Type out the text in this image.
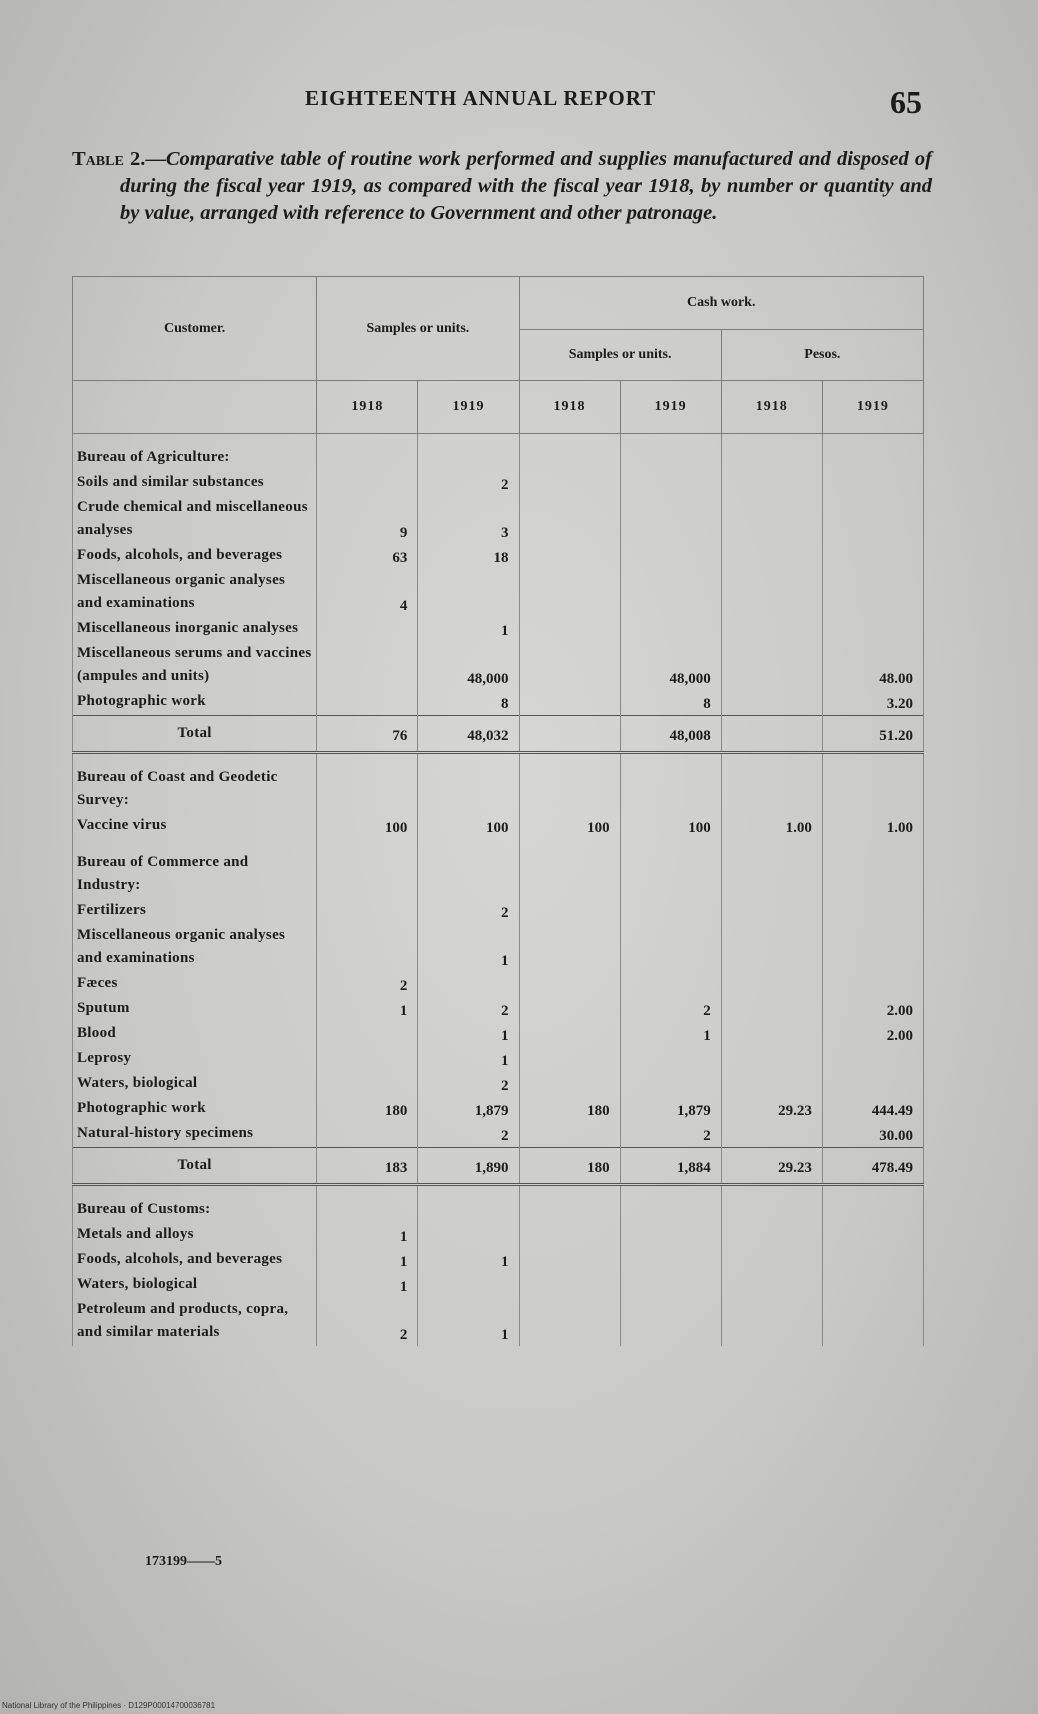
EIGHTEENTH ANNUAL REPORT	65

Table 2.—Comparative table of routine work performed and supplies manufactured and disposed of during the fiscal year 1919, as compared with the fiscal year 1918, by number or quantity and by value, arranged with reference to Government and other patronage.

Customer.	Samples or units.		Cash work.			
			Samples or units.		Pesos.	
	1918	1919	1918	1919	1918	1919
Bureau of Agriculture:						
Soils and similar substances		2				
Crude chemical and miscellaneous analyses	9	3				
Foods, alcohols, and beverages	63	18				
Miscellaneous organic analyses and examinations	4					
Miscellaneous inorganic analyses		1				
Miscellaneous serums and vaccines (ampules and units)		48,000		48,000		48.00
Photographic work		8		8		3.20
Total	76	48,032		48,008		51.20
Bureau of Coast and Geodetic Survey:						
Vaccine virus	100	100	100	100	1.00	1.00
Bureau of Commerce and Industry:						
Fertilizers		2				
Miscellaneous organic analyses and examinations		1				
Fæces	2					
Sputum	1	2		2		2.00
Blood		1		1		2.00
Leprosy		1				
Waters, biological		2				
Photographic work	180	1,879	180	1,879	29.23	444.49
Natural-history specimens		2		2		30.00
Total	183	1,890	180	1,884	29.23	478.49
Bureau of Customs:						
Metals and alloys	1					
Foods, alcohols, and beverages	1	1				
Waters, biological	1					
Petroleum and products, copra, and similar materials	2	1				
173199——5
National Library of the Philippines · D129P00014700036781
